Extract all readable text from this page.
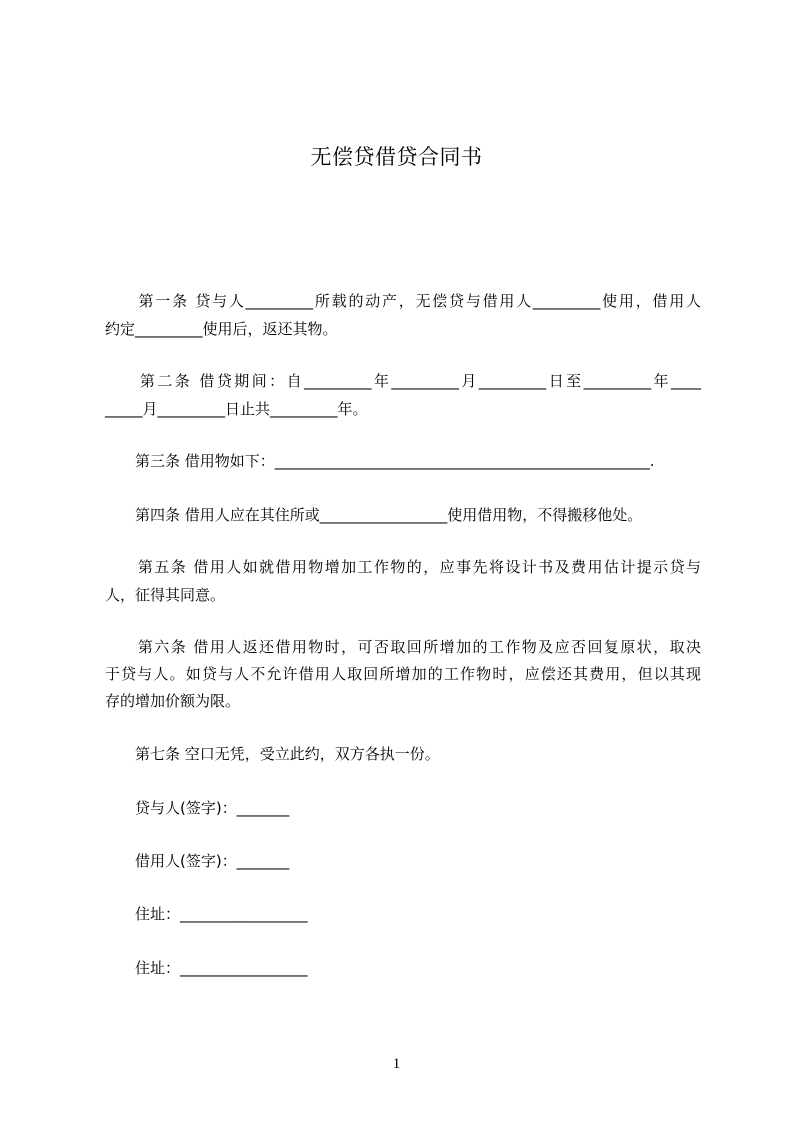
无偿贷借贷合同书
　　第一条 贷与人_________所载的动产，无偿贷与借用人_________使用，借用人
约定_________使用后，返还其物。
　　第二条 借贷期间：自_________年_________月_________日至_________年____
_____月_________日止共_________年。
　　第三条 借用物如下：__________________________________________________.
　　第四条 借用人应在其住所或_________________使用借用物，不得搬移他处。
　　第五条 借用人如就借用物增加工作物的，应事先将设计书及费用估计提示贷与
人，征得其同意。
　　第六条 借用人返还借用物时，可否取回所增加的工作物及应否回复原状，取决
于贷与人。如贷与人不允许借用人取回所增加的工作物时，应偿还其费用，但以其现
存的增加价额为限。
　　第七条 空口无凭，受立此约，双方各执一份。
　　贷与人(签字)：_______
　　借用人(签字)：_______
　　住址：_________________
　　住址：_________________
1
